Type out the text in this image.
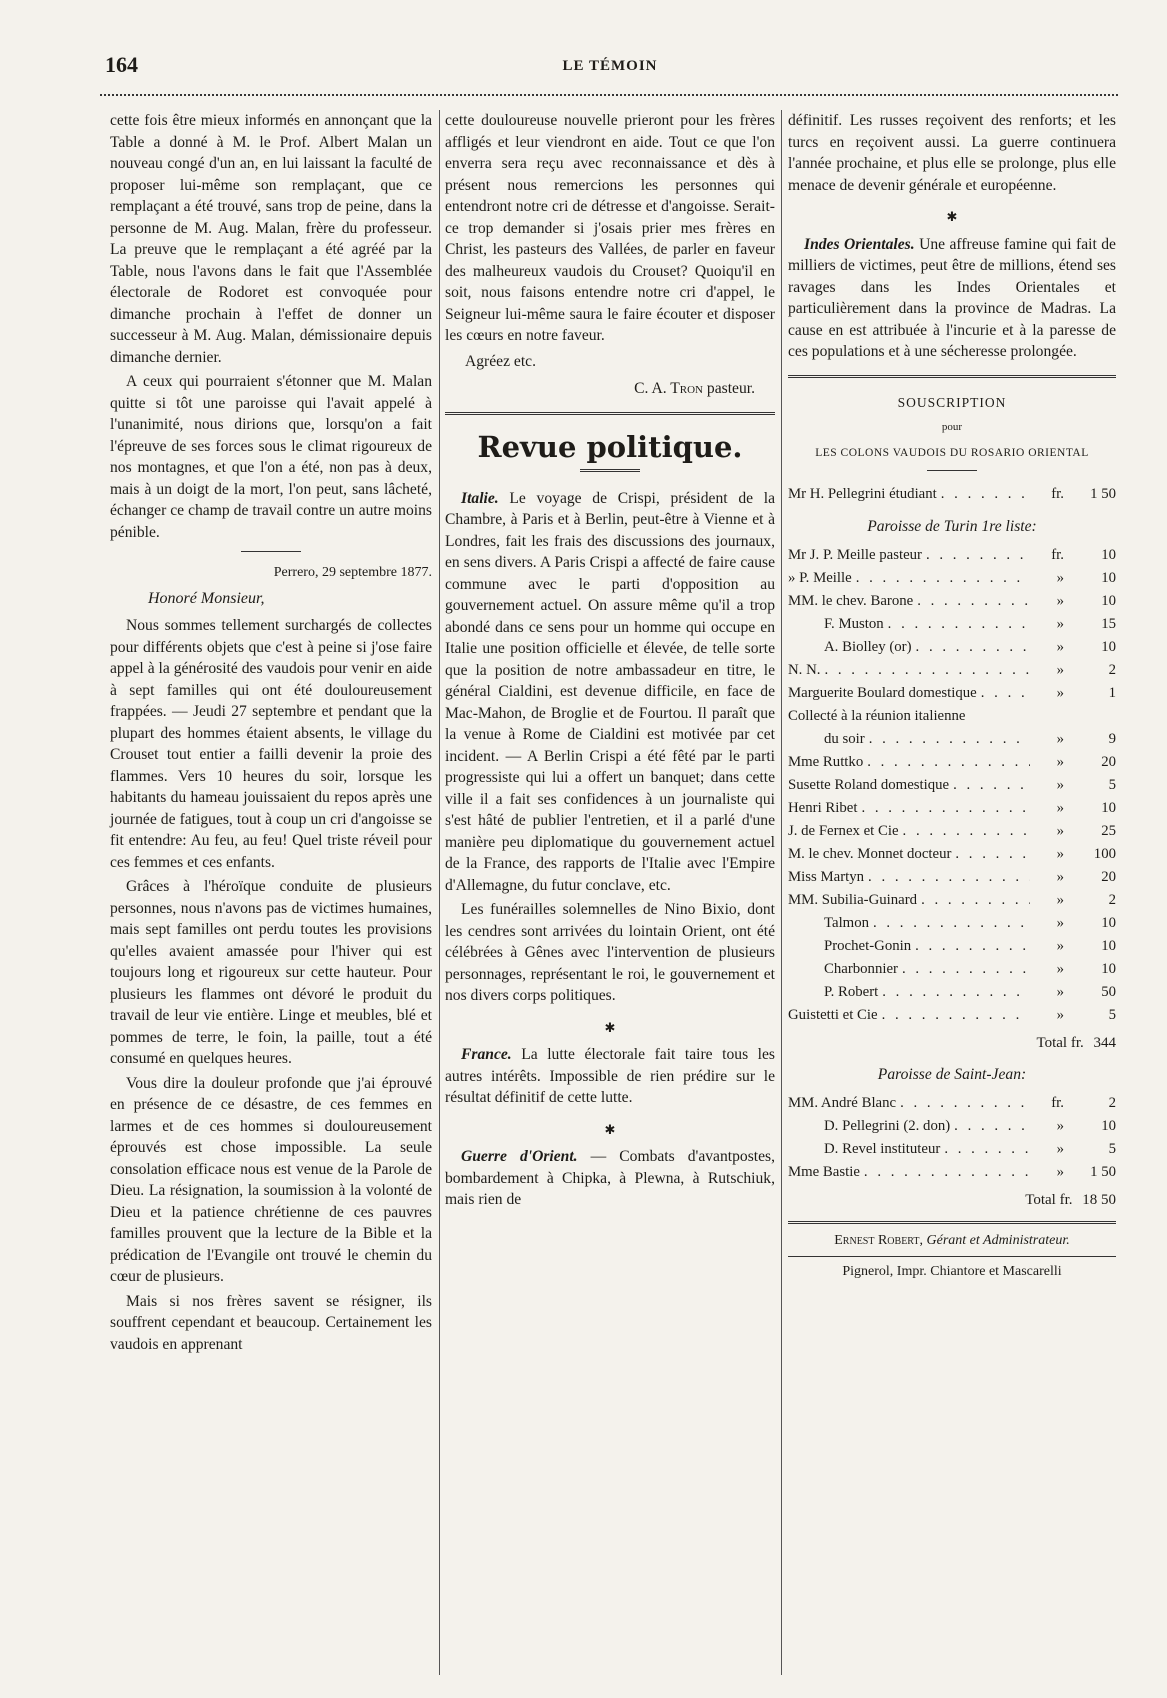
164	LE TÉMOIN

cette fois être mieux informés en annonçant que la Table a donné à M. le Prof. Albert Malan un nouveau congé d'un an, en lui laissant la faculté de proposer lui-même son remplaçant, que ce remplaçant a été trouvé, sans trop de peine, dans la personne de M. Aug. Malan, frère du professeur. La preuve que le remplaçant a été agréé par la Table, nous l'avons dans le fait que l'Assemblée électorale de Rodoret est convoquée pour dimanche prochain à l'effet de donner un successeur à M. Aug. Malan, démissionaire depuis dimanche dernier.

A ceux qui pourraient s'étonner que M. Malan quitte si tôt une paroisse qui l'avait appelé à l'unanimité, nous dirions que, lorsqu'on a fait l'épreuve de ses forces sous le climat rigoureux de nos montagnes, et que l'on a été, non pas à deux, mais à un doigt de la mort, l'on peut, sans lâcheté, échanger ce champ de travail contre un autre moins pénible.

Perrero, 29 septembre 1877.
Honoré Monsieur,

Nous sommes tellement surchargés de collectes pour différents objets que c'est à peine si j'ose faire appel à la générosité des vaudois pour venir en aide à sept familles qui ont été douloureusement frappées. — Jeudi 27 septembre et pendant que la plupart des hommes étaient absents, le village du Crouset tout entier a failli devenir la proie des flammes. Vers 10 heures du soir, lorsque les habitants du hameau jouissaient du repos après une journée de fatigues, tout à coup un cri d'angoisse se fit entendre: Au feu, au feu! Quel triste réveil pour ces femmes et ces enfants.

Grâces à l'héroïque conduite de plusieurs personnes, nous n'avons pas de victimes humaines, mais sept familles ont perdu toutes les provisions qu'elles avaient amassée pour l'hiver qui est toujours long et rigoureux sur cette hauteur. Pour plusieurs les flammes ont dévoré le produit du travail de leur vie entière. Linge et meubles, blé et pommes de terre, le foin, la paille, tout a été consumé en quelques heures.

Vous dire la douleur profonde que j'ai éprouvé en présence de ce désastre, de ces femmes en larmes et de ces hommes si douloureusement éprouvés est chose impossible. La seule consolation efficace nous est venue de la Parole de Dieu. La résignation, la soumission à la volonté de Dieu et la patience chrétienne de ces pauvres familles prouvent que la lecture de la Bible et la prédication de l'Evangile ont trouvé le chemin du cœur de plusieurs.

Mais si nos frères savent se résigner, ils souffrent cependant et beaucoup. Certainement les vaudois en apprenant

cette douloureuse nouvelle prieront pour les frères affligés et leur viendront en aide. Tout ce que l'on enverra sera reçu avec reconnaissance et dès à présent nous remercions les personnes qui entendront notre cri de détresse et d'angoisse. Serait-ce trop demander si j'osais prier mes frères en Christ, les pasteurs des Vallées, de parler en faveur des malheureux vaudois du Crouset? Quoiqu'il en soit, nous faisons entendre notre cri d'appel, le Seigneur lui-même saura le faire écouter et disposer les cœurs en notre faveur.

Agréez etc.
C. A. Tron pasteur.
Revue politique.

Italie. Le voyage de Crispi, président de la Chambre, à Paris et à Berlin, peut-être à Vienne et à Londres, fait les frais des discussions des journaux, en sens divers. A Paris Crispi a affecté de faire cause commune avec le parti d'opposition au gouvernement actuel. On assure même qu'il a trop abondé dans ce sens pour un homme qui occupe en Italie une position officielle et élevée, de telle sorte que la position de notre ambassadeur en titre, le général Cialdini, est devenue difficile, en face de Mac-Mahon, de Broglie et de Fourtou. Il paraît que la venue à Rome de Cialdini est motivée par cet incident. — A Berlin Crispi a été fêté par le parti progressiste qui lui a offert un banquet; dans cette ville il a fait ses confidences à un journaliste qui s'est hâté de publier l'entretien, et il a parlé d'une manière peu diplomatique du gouvernement actuel de la France, des rapports de l'Italie avec l'Empire d'Allemagne, du futur conclave, etc.

Les funérailles solemnelles de Nino Bixio, dont les cendres sont arrivées du lointain Orient, ont été célébrées à Gênes avec l'intervention de plusieurs personnages, représentant le roi, le gouvernement et nos divers corps politiques.

✱

France. La lutte électorale fait taire tous les autres intérêts. Impossible de rien prédire sur le résultat définitif de cette lutte.

✱

Guerre d'Orient. — Combats d'avantpostes, bombardement à Chipka, à Plewna, à Rutschiuk, mais rien de

définitif. Les russes reçoivent des renforts; et les turcs en reçoivent aussi. La guerre continuera l'année prochaine, et plus elle se prolonge, plus elle menace de devenir générale et européenne.

✱

Indes Orientales. Une affreuse famine qui fait de milliers de victimes, peut être de millions, étend ses ravages dans les Indes Orientales et particulièrement dans la province de Madras. La cause en est attribuée à l'incurie et à la paresse de ces populations et à une sécheresse prolongée.

SOUSCRIPTION
pour
LES COLONS VAUDOIS DU ROSARIO ORIENTAL
Mr H. Pellegrini étudiant . . .	fr.	1 50
Paroisse de Turin 1re liste:
Mr J. P. Meille pasteur . . .	fr.	10
» P. Meille . . .	»	10
MM. le chev. Barone . . .	»	10
F. Muston . . .	»	15
A. Biolley (or) . . .	»	10
N. N. . . .	»	2
Marguerite Boulard domestique . . .	»	1
Collecté à la réunion italienne
du soir . . .	»	9
Mme Ruttko . . .	»	20
Susette Roland domestique . . .	»	5
Henri Ribet . . .	»	10
J. de Fernex et Cie . . .	»	25
M. le chev. Monnet docteur . . .	»	100
Miss Martyn . . .	»	20
MM. Subilia-Guinard . . .	»	2
Talmon . . .	»	10
Prochet-Gonin . . .	»	10
Charbonnier . . .	»	10
P. Robert . . .	»	50
Guistetti et Cie . . .	»	5
Total fr. 344
Paroisse de Saint-Jean:
MM. André Blanc . . .	fr.	2
D. Pellegrini (2. don) . . .	»	10
D. Revel instituteur . . .	»	5
Mme Bastie . . .	»	1 50
Total fr. 18 50
Ernest Robert, Gérant et Administrateur.
Pignerol, Impr. Chiantore et Mascarelli
